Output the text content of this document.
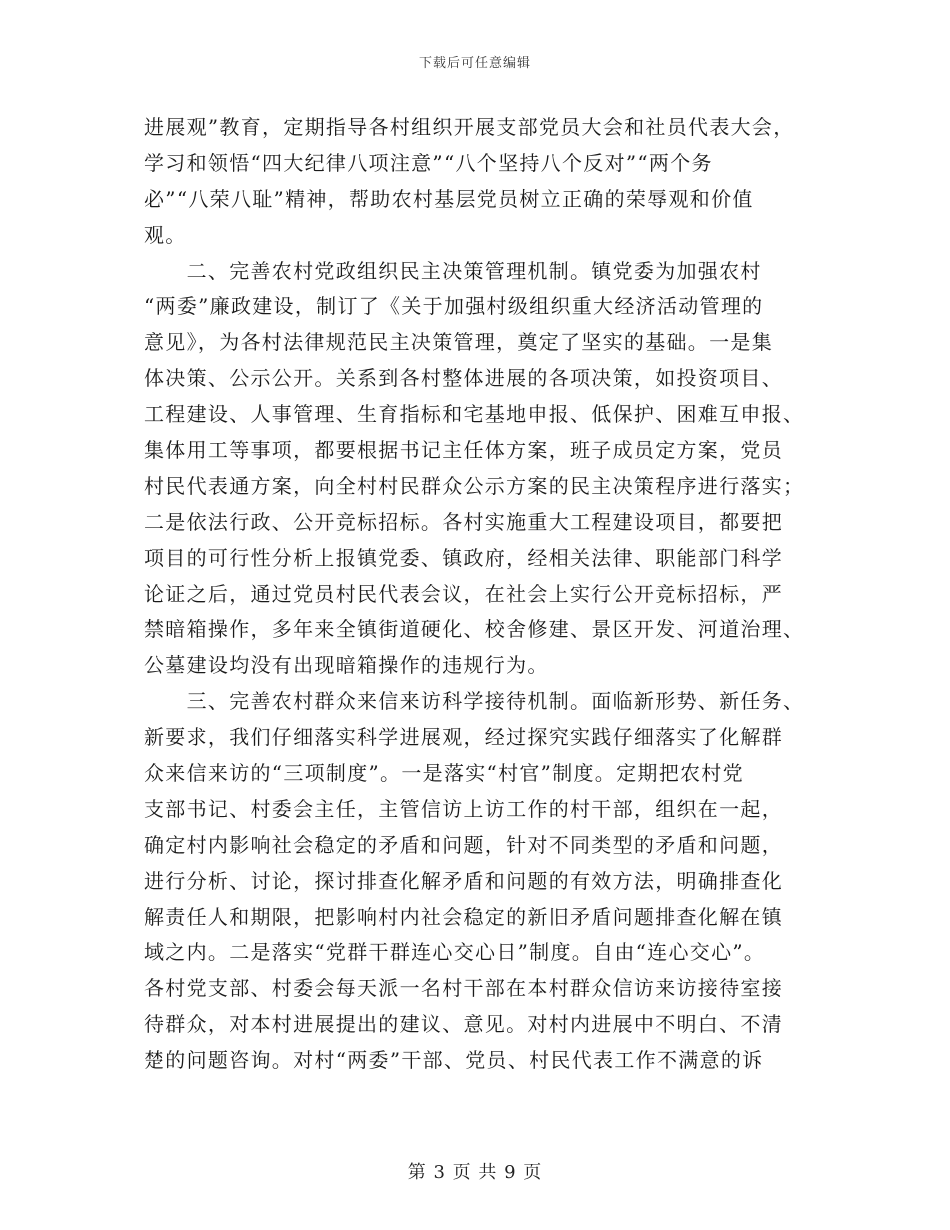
下载后可任意编辑
进展观”教育，定期指导各村组织开展支部党员大会和社员代表大会，
学习和领悟“四大纪律八项注意”“八个坚持八个反对”“两个务
必”“八荣八耻”精神，帮助农村基层党员树立正确的荣辱观和价值
观。
　　二、完善农村党政组织民主决策管理机制。镇党委为加强农村
“两委”廉政建设，制订了《关于加强村级组织重大经济活动管理的
意见》，为各村法律规范民主决策管理，奠定了坚实的基础。一是集
体决策、公示公开。关系到各村整体进展的各项决策，如投资项目、
工程建设、人事管理、生育指标和宅基地申报、低保护、困难互申报、
集体用工等事项，都要根据书记主任体方案，班子成员定方案，党员
村民代表通方案，向全村村民群众公示方案的民主决策程序进行落实；
二是依法行政、公开竞标招标。各村实施重大工程建设项目，都要把
项目的可行性分析上报镇党委、镇政府，经相关法律、职能部门科学
论证之后，通过党员村民代表会议，在社会上实行公开竞标招标，严
禁暗箱操作，多年来全镇街道硬化、校舍修建、景区开发、河道治理、
公墓建设均没有出现暗箱操作的违规行为。
　　三、完善农村群众来信来访科学接待机制。面临新形势、新任务、
新要求，我们仔细落实科学进展观，经过探究实践仔细落实了化解群
众来信来访的“三项制度”。一是落实“村官”制度。定期把农村党
支部书记、村委会主任，主管信访上访工作的村干部，组织在一起，
确定村内影响社会稳定的矛盾和问题，针对不同类型的矛盾和问题，
进行分析、讨论，探讨排查化解矛盾和问题的有效方法，明确排查化
解责任人和期限，把影响村内社会稳定的新旧矛盾问题排查化解在镇
域之内。二是落实“党群干群连心交心日”制度。自由“连心交心”。
各村党支部、村委会每天派一名村干部在本村群众信访来访接待室接
待群众，对本村进展提出的建议、意见。对村内进展中不明白、不清
楚的问题咨询。对村“两委”干部、党员、村民代表工作不满意的诉
第 3 页 共 9 页
